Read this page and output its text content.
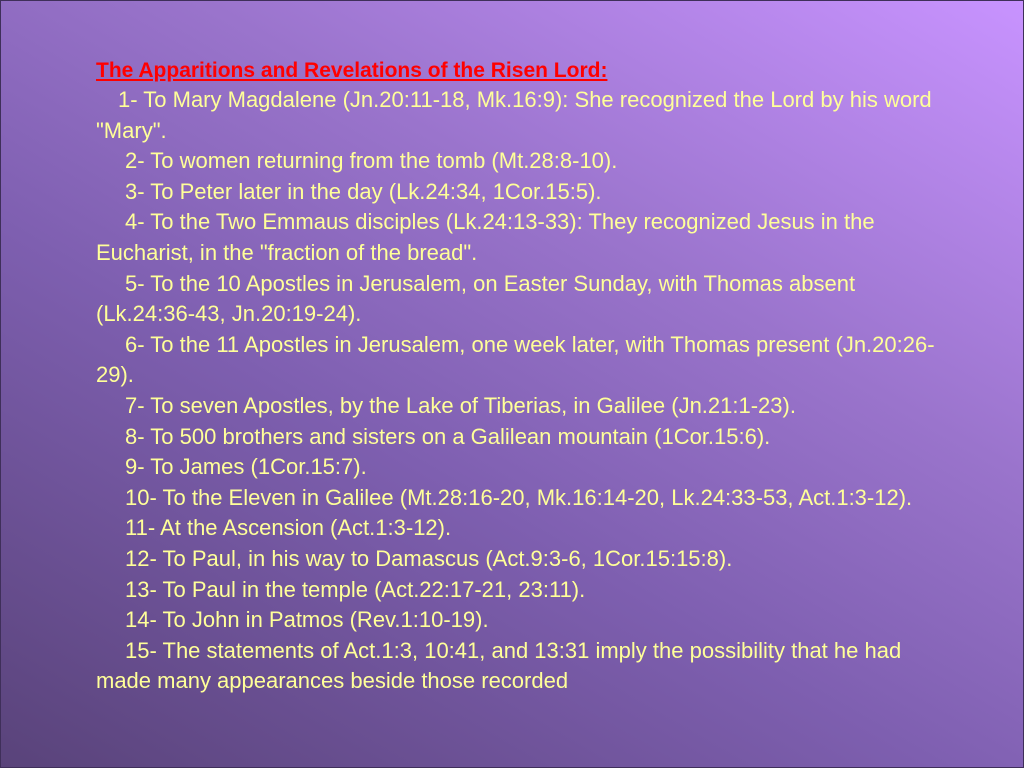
The Apparitions and Revelations of the Risen Lord:
1- To Mary Magdalene (Jn.20:11-18, Mk.16:9): She recognized the Lord by his word "Mary".
2- To women returning from the tomb (Mt.28:8-10).
3- To Peter later in the day (Lk.24:34, 1Cor.15:5).
4- To the Two Emmaus disciples (Lk.24:13-33): They recognized Jesus in the Eucharist, in the "fraction of the bread".
5- To the 10 Apostles in Jerusalem, on Easter Sunday, with Thomas absent (Lk.24:36-43, Jn.20:19-24).
6- To the 11 Apostles in Jerusalem, one week later, with Thomas present (Jn.20:26-29).
7- To seven Apostles, by the Lake of Tiberias, in Galilee (Jn.21:1-23).
8- To 500 brothers and sisters on a Galilean mountain (1Cor.15:6).
9- To James (1Cor.15:7).
10- To the Eleven in Galilee (Mt.28:16-20, Mk.16:14-20, Lk.24:33-53, Act.1:3-12).
11- At the Ascension (Act.1:3-12).
12- To Paul, in his way to Damascus (Act.9:3-6, 1Cor.15:15:8).
13- To Paul in the temple (Act.22:17-21, 23:11).
14- To John in Patmos (Rev.1:10-19).
15- The statements of Act.1:3, 10:41, and 13:31 imply the possibility that he had made many appearances beside those recorded
